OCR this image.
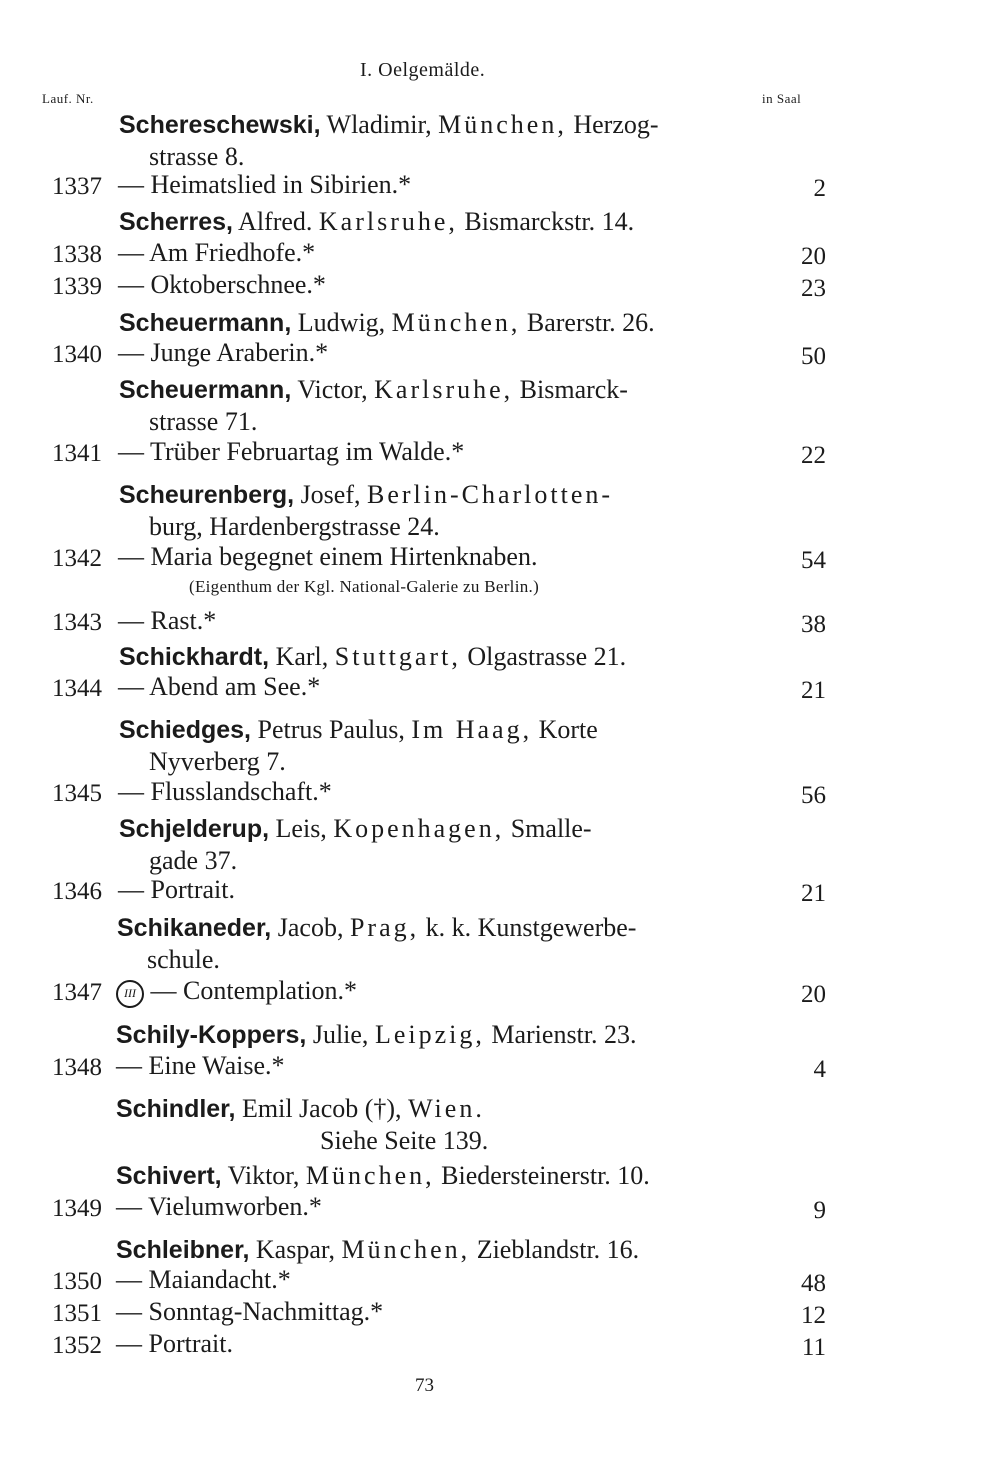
I. Oelgemälde.
Lauf. Nr.	in Saal
Schereschewski, Wladimir, München, Herzog-
strasse 8.
1337 — Heimatslied in Sibirien.*	2
Scherres, Alfred. Karlsruhe, Bismarckstr. 14.
1338 — Am Friedhofe.*	20
1339 — Oktoberschnee.*	23
Scheuermann, Ludwig, München, Barerstr. 26.
1340 — Junge Araberin.*	50
Scheuermann, Victor, Karlsruhe, Bismarck-
strasse 71.
1341 — Trüber Februartag im Walde.*	22
Scheurenberg, Josef, Berlin-Charlotten-
burg, Hardenbergstrasse 24.
1342 — Maria begegnet einem Hirtenknaben.	54
(Eigenthum der Kgl. National-Galerie zu Berlin.)
1343 — Rast.*	38
Schickhardt, Karl, Stuttgart, Olgastrasse 21.
1344 — Abend am See.*	21
Schiedges, Petrus Paulus, Im Haag, Korte
Nyverberg 7.
1345 — Flusslandschaft.*	56
Schjelderup, Leis, Kopenhagen, Smalle-
gade 37.
1346 — Portrait.	21
Schikaneder, Jacob, Prag, k. k. Kunstgewerbe-
schule.
1347	III — Contemplation.*	20
Schily-Koppers, Julie, Leipzig, Marienstr. 23.
1348 — Eine Waise.*	4
Schindler, Emil Jacob (†), Wien.
Siehe Seite 139.
Schivert, Viktor, München, Biedersteinerstr. 10.
1349 — Vielumworben.*	9
Schleibner, Kaspar, München, Zieblandstr. 16.
1350 — Maiandacht.*	48
1351 — Sonntag-Nachmittag.*	12
1352 — Portrait.	11
73
